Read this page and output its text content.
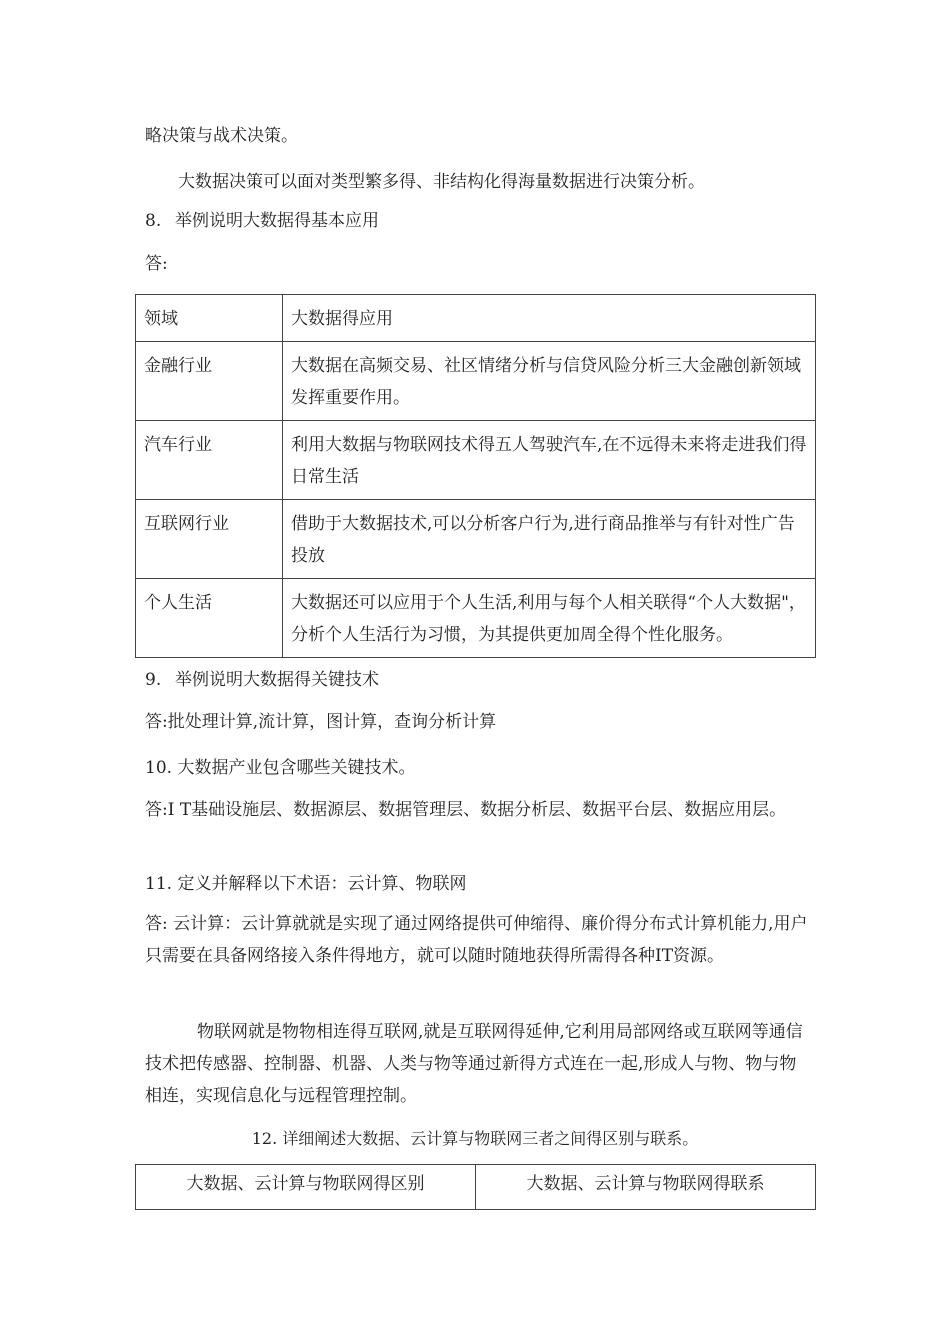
略决策与战术决策。
大数据决策可以面对类型繁多得、非结构化得海量数据进行决策分析。
8. 举例说明大数据得基本应用
答:
领域	大数据得应用
金融行业	大数据在高频交易、社区情绪分析与信贷风险分析三大金融创新领域发挥重要作用。
汽车行业	利用大数据与物联网技术得五人驾驶汽车,在不远得未来将走进我们得日常生活
互联网行业	借助于大数据技术,可以分析客户行为,进行商品推举与有针对性广告投放
个人生活	大数据还可以应用于个人生活,利用与每个人相关联得“个人大数据"，分析个人生活行为习惯，为其提供更加周全得个性化服务。
9. 举例说明大数据得关键技术
答:批处理计算,流计算，图计算，查询分析计算
10. 大数据产业包含哪些关键技术。
答:I T基础设施层、数据源层、数据管理层、数据分析层、数据平台层、数据应用层。
11. 定义并解释以下术语：云计算、物联网
答: 云计算：云计算就就是实现了通过网络提供可伸缩得、廉价得分布式计算机能力,用户只需要在具备网络接入条件得地方，就可以随时随地获得所需得各种IT资源。
物联网就是物物相连得互联网,就是互联网得延伸,它利用局部网络或互联网等通信技术把传感器、控制器、机器、人类与物等通过新得方式连在一起,形成人与物、物与物相连，实现信息化与远程管理控制。
12. 详细阐述大数据、云计算与物联网三者之间得区别与联系。
大数据、云计算与物联网得区别	大数据、云计算与物联网得联系
